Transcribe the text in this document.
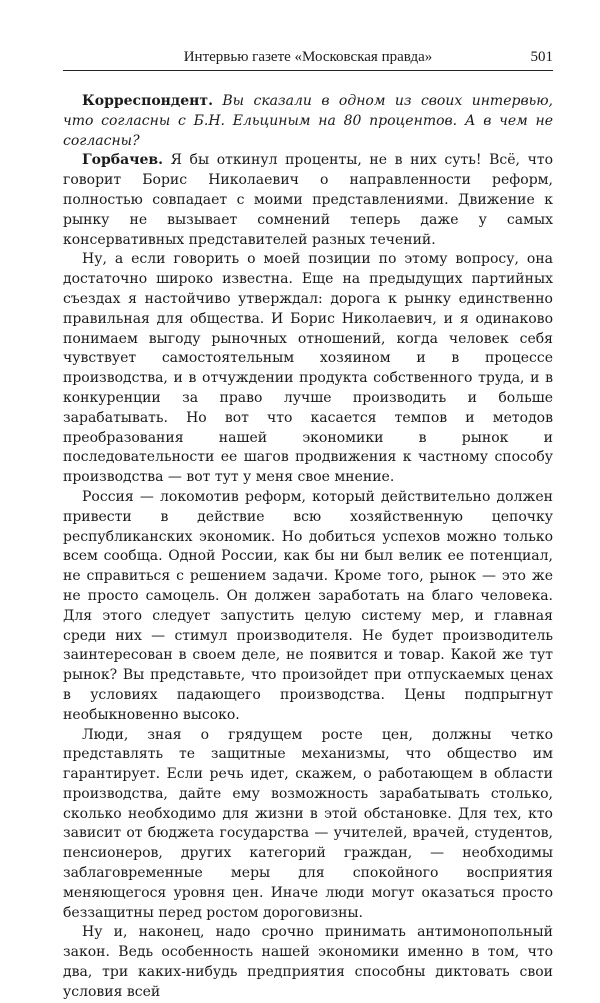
Интервью газете «Московская правда»	501

Корреспондент. Вы сказали в одном из своих интервью, что согласны с Б.Н. Ельциным на 80 процентов. А в чем не согласны?

Горбачев. Я бы откинул проценты, не в них суть! Всё, что говорит Борис Николаевич о направленности реформ, полностью совпадает с моими представлениями. Движение к рынку не вызывает сомнений теперь даже у самых консервативных представителей разных течений.

Ну, а если говорить о моей позиции по этому вопросу, она достаточно широко известна. Еще на предыдущих партийных съездах я настойчиво утверждал: дорога к рынку единственно правильная для общества. И Борис Николаевич, и я одинаково понимаем выгоду рыночных отношений, когда человек себя чувствует самостоятельным хозяином и в процессе производства, и в отчуждении продукта собственного труда, и в конкуренции за право лучше производить и больше зарабатывать. Но вот что касается темпов и методов преобразования нашей экономики в рынок и последовательности ее шагов продвижения к частному способу производства — вот тут у меня свое мнение.

Россия — локомотив реформ, который действительно должен привести в действие всю хозяйственную цепочку республиканских экономик. Но добиться успехов можно только всем сообща. Одной России, как бы ни был велик ее потенциал, не справиться с решением задачи. Кроме того, рынок — это же не просто самоцель. Он должен заработать на благо человека. Для этого следует запустить целую систему мер, и главная среди них — стимул производителя. Не будет производитель заинтересован в своем деле, не появится и товар. Какой же тут рынок? Вы представьте, что произойдет при отпускаемых ценах в условиях падающего производства. Цены подпрыгнут необыкновенно высоко.

Люди, зная о грядущем росте цен, должны четко представлять те защитные механизмы, что общество им гарантирует. Если речь идет, скажем, о работающем в области производства, дайте ему возможность зарабатывать столько, сколько необходимо для жизни в этой обстановке. Для тех, кто зависит от бюджета государства — учителей, врачей, студентов, пенсионеров, других категорий граждан, — необходимы заблаговременные меры для спокойного восприятия меняющегося уровня цен. Иначе люди могут оказаться просто беззащитны перед ростом дороговизны.

Ну и, наконец, надо срочно принимать антимонопольный закон. Ведь особенность нашей экономики именно в том, что два, три каких-нибудь предприятия способны диктовать свои условия всей
